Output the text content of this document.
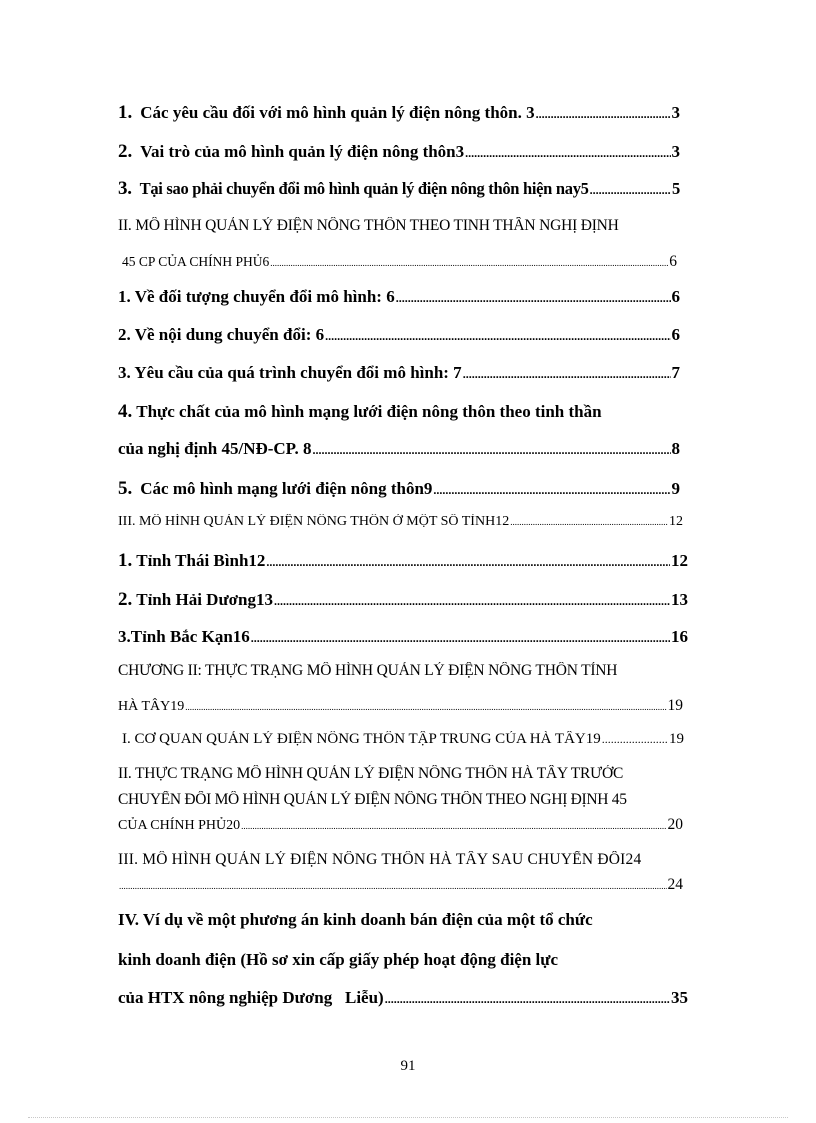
1. Các yêu cầu đối với mô hình quản lý điện nông thôn. 3 .....	3
2. Vai trò của mô hình quản lý điện nông thôn3 .....	3
3. Tại sao phải chuyển đổi mô hình quản lý điện nông thôn hiện nay5 .....	5
II. MÔ HÌNH QUẢN LÝ ĐIỆN NÔNG THÔN THEO TINH THẦN NGHỊ ĐỊNH
45 CP CỦA CHÍNH PHỦ6 .....	6
1. Về đối tượng chuyển đổi mô hình: 6 .....	6
2. Về nội dung chuyển đổi: 6 .....	6
3. Yêu cầu của quá trình chuyển đổi mô hình: 7 .....	7
4. Thực chất của mô hình mạng lưới điện nông thôn theo tinh thần
của nghị định 45/NĐ-CP. 8 .....	8
5. Các mô hình mạng lưới điện nông thôn9 .....	9
III. MÔ HÌNH QUẢN LÝ ĐIỆN NÔNG THÔN Ở MỘT SỐ TỈNH12 .....	12
1. Tỉnh Thái Bình12 .....	12
2. Tỉnh Hải Dương13 .....	13
3.Tỉnh Bắc Kạn16 .....	16
CHƯƠNG II: THỰC TRẠNG MÔ HÌNH QUẢN LÝ ĐIỆN NÔNG THÔN TỈNH
HÀ TÂY19 .....	19
I. CƠ QUAN QUẢN LÝ ĐIỆN NÔNG THÔN TẬP TRUNG CỦA HÀ TÂY19 .....	19
II. THỰC TRẠNG MÔ HÌNH QUẢN LÝ ĐIỆN NÔNG THÔN HÀ TÂY TRƯỚC
CHUYỂN ĐỔI MÔ HÌNH QUẢN LÝ ĐIỆN NÔNG THÔN THEO NGHỊ ĐỊNH 45
CỦA CHÍNH PHỦ20 .....	20
III. MÔ HÌNH QUẢN LÝ ĐIỆN NÔNG THÔN HÀ TÂY SAU CHUYỂN ĐỔI24
.....
24
IV. Ví dụ về một phương án kinh doanh bán điện của một tổ chức
kinh doanh điện (Hồ sơ xin cấp giấy phép hoạt động điện lực
của HTX nông nghiệp Dương   Liễu) .....	35
91
